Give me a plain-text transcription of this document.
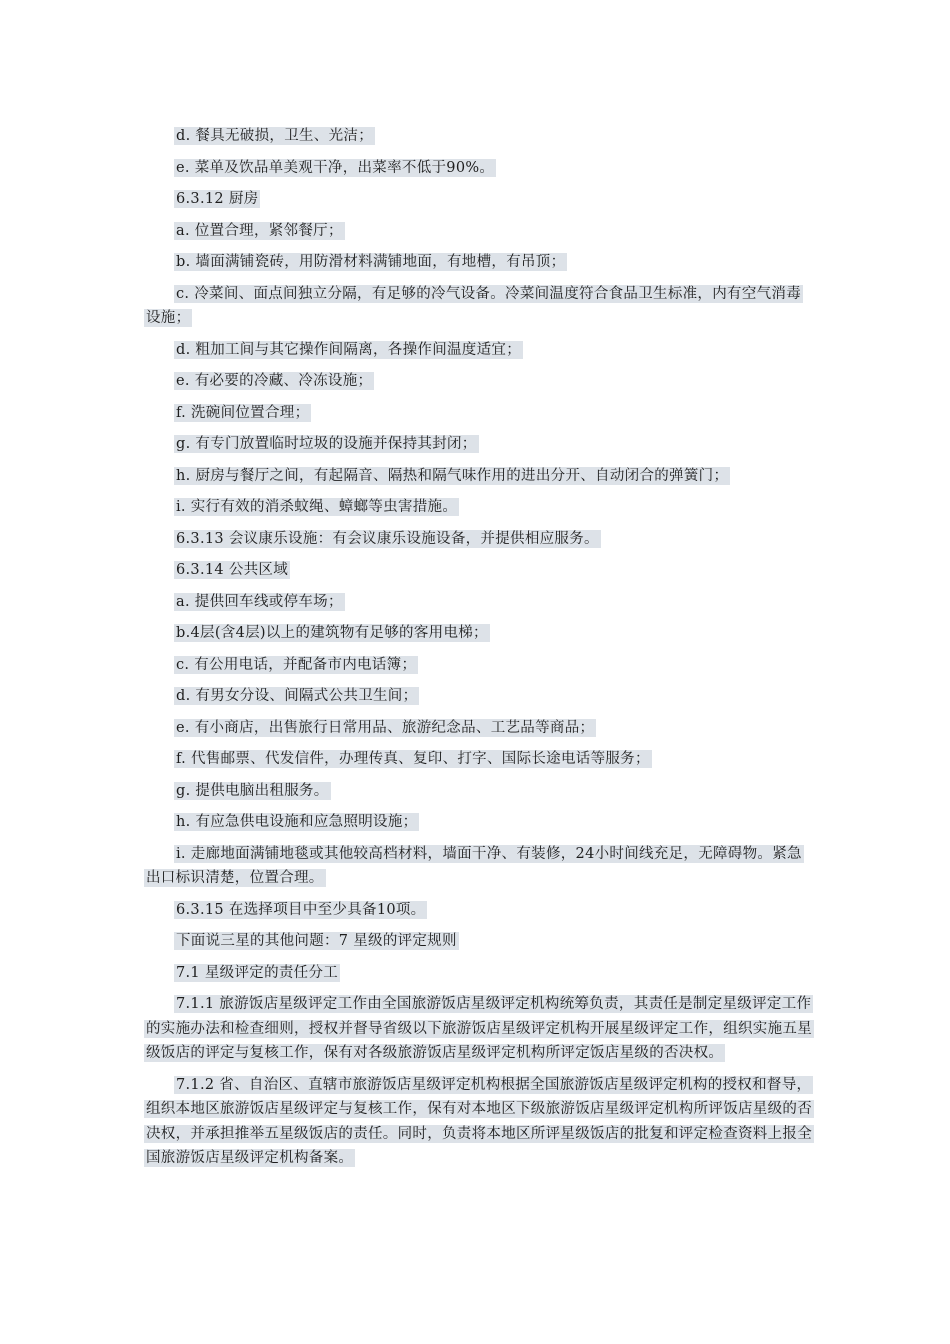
d. 餐具无破损，卫生、光洁；

e. 菜单及饮品单美观干净，出菜率不低于90%。

6.3.12 厨房

a. 位置合理，紧邻餐厅；

b. 墙面满铺瓷砖，用防滑材料满铺地面，有地槽，有吊顶；

c. 冷菜间、面点间独立分隔，有足够的冷气设备。冷菜间温度符合食品卫生标准，内有空气消毒设施；

d. 粗加工间与其它操作间隔离，各操作间温度适宜；

e. 有必要的冷藏、冷冻设施；

f. 洗碗间位置合理；

g. 有专门放置临时垃圾的设施并保持其封闭；

h. 厨房与餐厅之间，有起隔音、隔热和隔气味作用的进出分开、自动闭合的弹簧门；

i. 实行有效的消杀蚊绳、蟑螂等虫害措施。

6.3.13 会议康乐设施：有会议康乐设施设备，并提供相应服务。

6.3.14 公共区域

a. 提供回车线或停车场；

b.4层(含4层)以上的建筑物有足够的客用电梯；

c. 有公用电话，并配备市内电话簿；

d. 有男女分设、间隔式公共卫生间；

e. 有小商店，出售旅行日常用品、旅游纪念品、工艺品等商品；

f. 代售邮票、代发信件，办理传真、复印、打字、国际长途电话等服务；

g. 提供电脑出租服务。

h. 有应急供电设施和应急照明设施；

i. 走廊地面满铺地毯或其他较高档材料，墙面干净、有装修，24小时间线充足，无障碍物。紧急出口标识清楚，位置合理。

6.3.15 在选择项目中至少具备10项。

下面说三星的其他问题：7 星级的评定规则

7.1 星级评定的责任分工

7.1.1 旅游饭店星级评定工作由全国旅游饭店星级评定机构统筹负责，其责任是制定星级评定工作的实施办法和检查细则，授权并督导省级以下旅游饭店星级评定机构开展星级评定工作，组织实施五星级饭店的评定与复核工作，保有对各级旅游饭店星级评定机构所评定饭店星级的否决权。

7.1.2 省、自治区、直辖市旅游饭店星级评定机构根据全国旅游饭店星级评定机构的授权和督导，组织本地区旅游饭店星级评定与复核工作，保有对本地区下级旅游饭店星级评定机构所评饭店星级的否决权，并承担推举五星级饭店的责任。同时，负责将本地区所评星级饭店的批复和评定检查资料上报全国旅游饭店星级评定机构备案。
